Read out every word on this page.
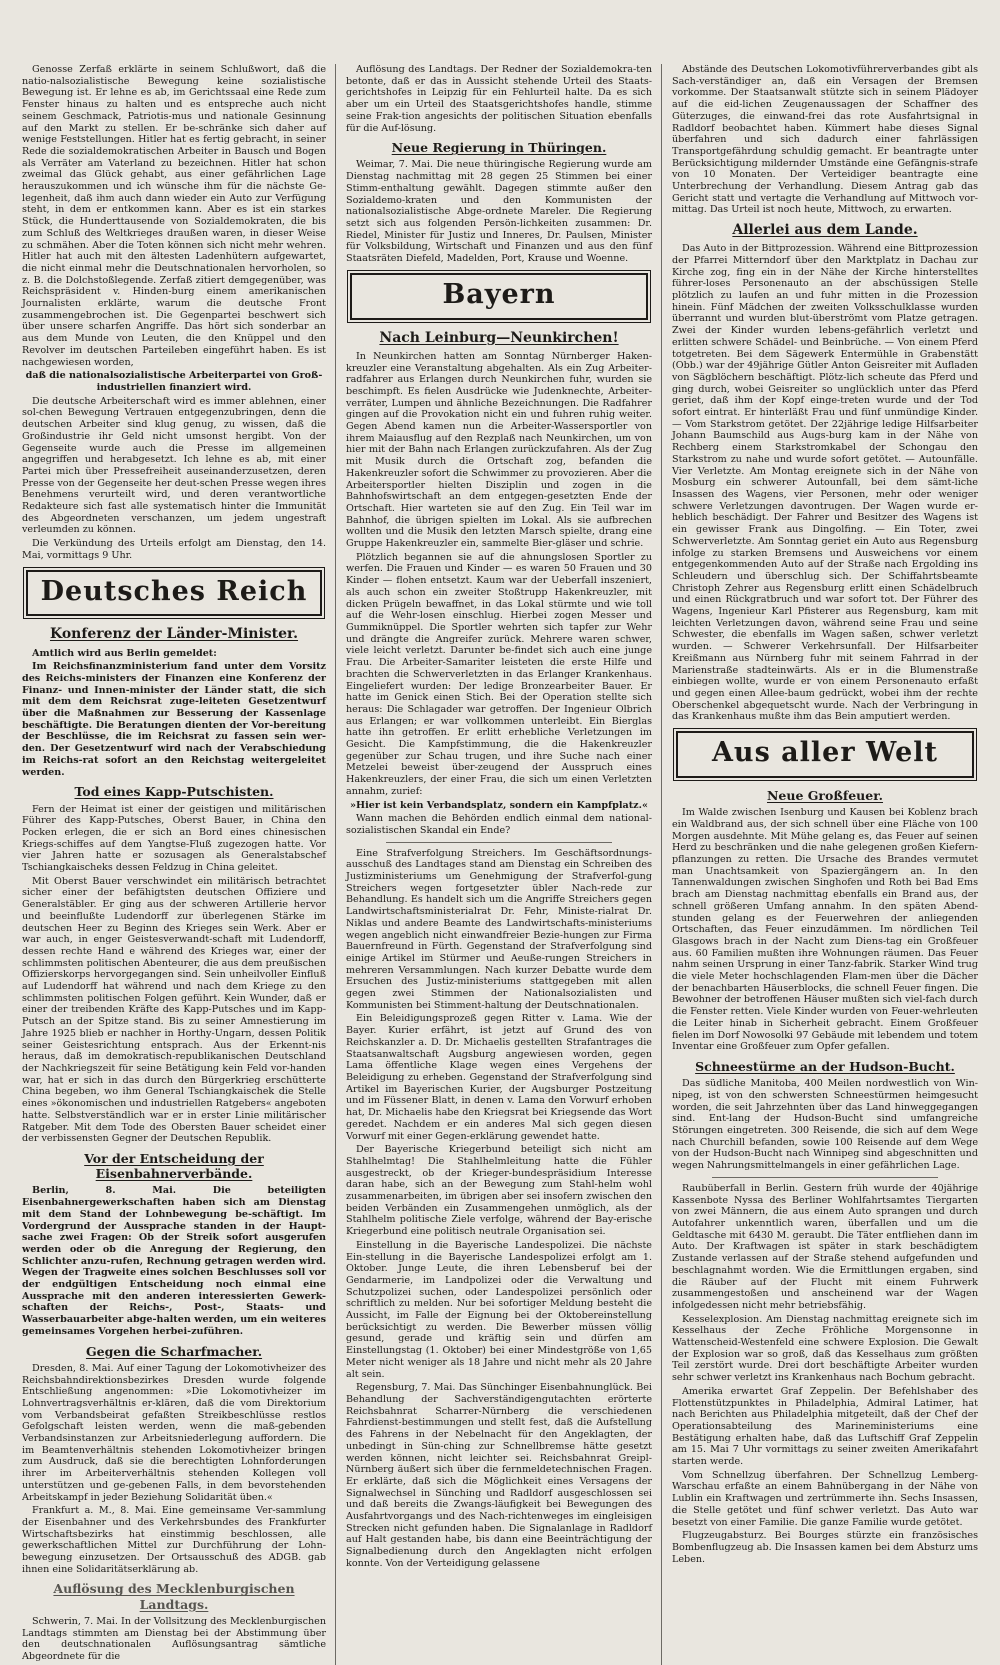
Genosse Zerfaß erklärte in seinem Schlußwort, daß die natio-nalsozialistische Bewegung keine sozialistische Bewegung ist. Er lehne es ab, im Gerichtssaal eine Rede zum Fenster hinaus zu halten und es entspreche auch nicht seinem Geschmack, Patriotis-mus und nationale Gesinnung auf den Markt zu stellen. Er be-schränke sich daher auf wenige Feststellungen. Hitler hat es fertig gebracht, in seiner Rede die sozialdemokratischen Arbeiter in Bausch und Bogen als Verräter am Vaterland zu bezeichnen. Hitler hat schon zweimal das Glück gehabt, aus einer gefährlichen Lage herauszukommen und ich wünsche ihm für die nächste Ge-legenheit, daß ihm auch dann wieder ein Auto zur Verfügung steht, in dem er entkommen kann. Aber es ist ein starkes Stück, die Hunderttausende von Sozialdemokraten, die bis zum Schluß des Weltkrieges draußen waren, in dieser Weise zu schmähen. Aber die Toten können sich nicht mehr wehren. Hitler hat auch mit den ältesten Ladenhütern aufgewartet, die nicht einmal mehr die Deutschnationalen hervorholen, so z. B. die Dolchstoßlegende. Zerfaß zitiert demgegenüber, was Reichspräsident v. Hinden-burg einem amerikanischen Journalisten erklärte, warum die deutsche Front zusammengebrochen ist. Die Gegenpartei beschwert sich über unsere scharfen Angriffe. Das hört sich sonderbar an aus dem Munde von Leuten, die den Knüppel und den Revolver im deutschen Parteileben eingeführt haben. Es ist nachgewiesen worden,

daß die nationalsozialistische Arbeiterpartei von Groß-industriellen finanziert wird.

Die deutsche Arbeiterschaft wird es immer ablehnen, einer sol-chen Bewegung Vertrauen entgegenzubringen, denn die deutschen Arbeiter sind klug genug, zu wissen, daß die Großindustrie ihr Geld nicht umsonst hergibt. Von der Gegenseite wurde auch die Presse im allgemeinen angegriffen und herabgesetzt. Ich lehne es ab, mit einer Partei mich über Pressefreiheit auseinanderzusetzen, deren Presse von der Gegenseite her deut-schen Presse wegen ihres Benehmens verurteilt wird, und deren verantwortliche Redakteure sich fast alle systematisch hinter die Immunität des Abgeordneten verschanzen, um jedem ungestraft verleumden zu können.

Die Verkündung des Urteils erfolgt am Dienstag, den 14. Mai, vormittags 9 Uhr.

Deutsches Reich
Konferenz der Länder-Minister.

Amtlich wird aus Berlin gemeldet:

Im Reichsfinanzministerium fand unter dem Vorsitz des Reichs-ministers der Finanzen eine Konferenz der Finanz- und Innen-minister der Länder statt, die sich mit dem dem Reichsrat zuge-leiteten Gesetzentwurf über die Maßnahmen zur Besserung der Kassenlage beschäftigte. Die Beratungen dienten der Vor-bereitung der Beschlüsse, die im Reichsrat zu fassen sein wer-den. Der Gesetzentwurf wird nach der Verabschiedung im Reichs-rat sofort an den Reichstag weitergeleitet werden.

Tod eines Kapp-Putschisten.

Fern der Heimat ist einer der geistigen und militärischen Führer des Kapp-Putsches, Oberst Bauer, in China den Pocken erlegen, die er sich an Bord eines chinesischen Kriegs-schiffes auf dem Yangtse-Fluß zugezogen hatte. Vor vier Jahren hatte er sozusagen als Generalstabschef Tschiangkaischeks dessen Feldzug in China geleitet.

Mit Oberst Bauer verschwindet ein militärisch betrachtet sicher einer der befähigtsten deutschen Offiziere und Generalstäbler. Er ging aus der schweren Artillerie hervor und beeinflußte Ludendorff zur überlegenen Stärke im deutschen Heer zu Beginn des Krieges sein Werk. Aber er war auch, in enger Geistesverwandt-schaft mit Ludendorff, dessen rechte Hand e während des Krieges war, einer der schlimmsten politischen Abenteurer, die aus dem preußischen Offizierskorps hervorgegangen sind. Sein unheilvoller Einfluß auf Ludendorff hat während und nach dem Kriege zu den schlimmsten politischen Folgen geführt. Kein Wunder, daß er einer der treibenden Kräfte des Kapp-Putsches und im Kapp-Putsch an der Spitze stand. Bis zu seiner Amnestierung im Jahre 1925 blieb er nachher in Horthy-Ungarn, dessen Politik seiner Geistesrichtung entsprach. Aus der Erkennt-nis heraus, daß im demokratisch-republikanischen Deutschland der Nachkriegszeit für seine Betätigung kein Feld vor-handen war, hat er sich in das durch den Bürgerkrieg erschütterte China begeben, wo ihm General Tschiangkaischek die Stelle eines »ökonomischen und industriellen Ratgebers« angeboten hatte. Selbstverständlich war er in erster Linie militärischer Ratgeber. Mit dem Tode des Obersten Bauer scheidet einer der verbissensten Gegner der Deutschen Republik.

Vor der Entscheidung der Eisenbahnerverbände.

Berlin, 8. Mai. Die beteiligten Eisenbahnergewerkschaften haben sich am Dienstag mit dem Stand der Lohnbewegung be-schäftigt. Im Vordergrund der Aussprache standen in der Haupt-sache zwei Fragen: Ob der Streik sofort ausgerufen werden oder ob die Anregung der Regierung, den Schlichter anzu-rufen, Rechnung getragen werden wird. Wegen der Tragweite eines solchen Beschlusses soll vor der endgültigen Entscheidung noch einmal eine Aussprache mit den anderen interessierten Gewerk-schaften der Reichs-, Post-, Staats- und Wasserbauarbeiter abge-halten werden, um ein weiteres gemeinsames Vorgehen herbei-zuführen.

Gegen die Scharfmacher.

Dresden, 8. Mai. Auf einer Tagung der Lokomotivheizer des Reichsbahndirektionsbezirkes Dresden wurde folgende Entschließung angenommen: »Die Lokomotivheizer im Lohnvertragsverhältnis er-klären, daß die vom Direktorium vom Verbandsbeirat gefaßten Streikbeschlüsse restlos Gefolgschaft leisten werden, wenn die maß-gebenden Verbandsinstanzen zur Arbeitsniederlegung auffordern. Die im Beamtenverhältnis stehenden Lokomotivheizer bringen zum Ausdruck, daß sie die berechtigten Lohnforderungen ihrer im Arbeiterverhältnis stehenden Kollegen voll unterstützen und ge-gebenen Falls, in dem bevorstehenden Arbeitskampf in jeder Beziehung Solidarität üben.«

Frankfurt a. M., 8. Mai. Eine gemeinsame Ver-sammlung der Eisenbahner und des Verkehrsbundes des Frankfurter Wirtschaftsbezirks hat einstimmig beschlossen, alle gewerkschaftlichen Mittel zur Durchführung der Lohn-bewegung einzusetzen. Der Ortsausschuß des ADGB. gab ihnen eine Solidaritätserklärung ab.

Auflösung des Mecklenburgischen Landtags.

Schwerin, 7. Mai. In der Vollsitzung des Mecklenburgischen Landtags stimmten am Dienstag bei der Abstimmung über den deutschnationalen Auflösungsantrag sämtliche Abgeordnete für die

Auflösung des Landtags. Der Redner der Sozialdemokra-ten betonte, daß er das in Aussicht stehende Urteil des Staats-gerichtshofes in Leipzig für ein Fehlurteil halte. Da es sich aber um ein Urteil des Staatsgerichtshofes handle, stimme seine Frak-tion angesichts der politischen Situation ebenfalls für die Auf-lösung.

Neue Regierung in Thüringen.

Weimar, 7. Mai. Die neue thüringische Regierung wurde am Dienstag nachmittag mit 28 gegen 25 Stimmen bei einer Stimm-enthaltung gewählt. Dagegen stimmte außer den Sozialdemo-kraten und den Kommunisten der nationalsozialistische Abge-ordnete Mareler. Die Regierung setzt sich aus folgenden Persön-lichkeiten zusammen: Dr. Riedel, Minister für Justiz und Inneres, Dr. Paulsen, Minister für Volksbildung, Wirtschaft und Finanzen und aus den fünf Staatsräten Diefeld, Madelden, Port, Krause und Woenne.

Bayern
Nach Leinburg—Neunkirchen!

In Neunkirchen hatten am Sonntag Nürnberger Haken-kreuzler eine Veranstaltung abgehalten. Als ein Zug Arbeiter-radfahrer aus Erlangen durch Neunkirchen fuhr, wurden sie beschimpft. Es fielen Ausdrücke wie Judenknechte, Arbeiter-verräter, Lumpen und ähnliche Bezeichnungen. Die Radfahrer gingen auf die Provokation nicht ein und fuhren ruhig weiter. Gegen Abend kamen nun die Arbeiter-Wassersportler von ihrem Maiausflug auf den Rezplaß nach Neunkirchen, um von hier mit der Bahn nach Erlangen zurückzufahren. Als der Zug mit Musik durch die Ortschaft zog, befanden die Hakenkreuzler sofort die Schwimmer zu provozieren. Aber die Arbeitersportler hielten Disziplin und zogen in die Bahnhofswirtschaft an dem entgegen-gesetzten Ende der Ortschaft. Hier warteten sie auf den Zug. Ein Teil war im Bahnhof, die übrigen spielten im Lokal. Als sie aufbrechen wollten und die Musik den letzten Marsch spielte, drang eine Gruppe Hakenkreuzler ein, sammelte Bier-gläser und schrie.

Plötzlich begannen sie auf die ahnungslosen Sportler zu werfen. Die Frauen und Kinder — es waren 50 Frauen und 30 Kinder — flohen entsetzt. Kaum war der Ueberfall inszeniert, als auch schon ein zweiter Stoßtrupp Hakenkreuzler, mit dicken Prügeln bewaffnet, in das Lokal stürmte und wie toll auf die Wehr-losen einschlug. Hierbei zogen Messer und Gummiknüppel. Die Sportler wehrten sich tapfer zur Wehr und drängte die Angreifer zurück. Mehrere waren schwer, viele leicht verletzt. Darunter be-findet sich auch eine junge Frau. Die Arbeiter-Samariter leisteten die erste Hilfe und brachten die Schwerverletzten in das Erlanger Krankenhaus. Eingeliefert wurden: Der ledige Bronzearbeiter Bauer. Er hatte im Genick einen Stich. Bei der Operation stellte sich heraus: Die Schlagader war getroffen. Der Ingenieur Olbrich aus Erlangen; er war vollkommen unterleibt. Ein Bierglas hatte ihn getroffen. Er erlitt erhebliche Verletzungen im Gesicht. Die Kampfstimmung, die die Hakenkreuzler gegenüber zur Schau trugen, und ihre Suche nach einer Metzelei beweist über-zeugend der Ausspruch eines Hakenkreuzlers, der einer Frau, die sich um einen Verletzten annahm, zurief:

»Hier ist kein Verbandsplatz, sondern ein Kampfplatz.«

Wann machen die Behörden endlich einmal dem national-sozialistischen Skandal ein Ende?

Eine Strafverfolgung Streichers. Im Geschäftsordnungs-ausschuß des Landtages stand am Dienstag ein Schreiben des Justizministeriums um Genehmigung der Strafverfol-gung Streichers wegen fortgesetzter übler Nach-rede zur Behandlung. Es handelt sich um die Angriffe Streichers gegen Landwirtschaftsministerialrat Dr. Fehr, Ministe-rialrat Dr. Niklas und andere Beamte des Landwirtschafts-ministeriums wegen angeblich nicht einwandfreier Bezie-hungen zur Firma Bauernfreund in Fürth. Gegenstand der Strafverfolgung sind einige Artikel im Stürmer und Aeuße-rungen Streichers in mehreren Versammlungen. Nach kurzer Debatte wurde dem Ersuchen des Justiz-ministeriums stattgegeben mit allen gegen zwei Stimmen der Nationalsozialisten und Kommunisten bei Stimment-haltung der Deutschnationalen.

Ein Beleidigungsprozeß gegen Ritter v. Lama. Wie der Bayer. Kurier erfährt, ist jetzt auf Grund des von Reichskanzler a. D. Dr. Michaelis gestellten Strafantrages die Staatsanwaltschaft Augsburg angewiesen worden, gegen Lama öffentliche Klage wegen eines Vergehens der Beleidigung zu erheben. Gegenstand der Strafverfolgung sind Artikel im Bayerischen Kurier, der Augsburger Postzeitung und im Füssener Blatt, in denen v. Lama den Vorwurf erhoben hat, Dr. Michaelis habe den Kriegsrat bei Kriegsende das Wort geredet. Nachdem er ein anderes Mal sich gegen diesen Vorwurf mit einer Gegen-erklärung gewendet hatte.

Der Bayerische Kriegerbund beteiligt sich nicht am Stahlhelmtag! Die Stahlhelmleitung hatte die Fühler ausgestreckt, ob der Krieger-bundespräsidium Interesse daran habe, sich an der Bewegung zum Stahl-helm wohl zusammenarbeiten, im übrigen aber sei insofern zwischen den beiden Verbänden ein Zusammengehen unmöglich, als der Stahlhelm politische Ziele verfolge, während der Bay-erische Kriegerbund eine politisch neutrale Organisation sei.

Einstellung in die Bayerische Landespolizei. Die nächste Ein-stellung in die Bayerische Landespolizei erfolgt am 1. Oktober. Junge Leute, die ihren Lebensberuf bei der Gendarmerie, im Landpolizei oder die Verwaltung und Schutzpolizei suchen, oder Landespolizei persönlich oder schriftlich zu melden. Nur bei sofortiger Meldung besteht die Aussicht, im Falle der Eignung bei der Oktobereinstellung berücksichtigt zu werden. Die Bewerber müssen völlig gesund, gerade und kräftig sein und dürfen am Einstellungstag (1. Oktober) bei einer Mindestgröße von 1,65 Meter nicht weniger als 18 Jahre und nicht mehr als 20 Jahre alt sein.

Regensburg, 7. Mai. Das Sünchinger Eisenbahnunglück. Bei Behandlung der Sachverständigengutachten erörterte Reichsbahnrat Scharrer-Nürnberg die verschiedenen Fahrdienst-bestimmungen und stellt fest, daß die Aufstellung des Fahrens in der Nebelnacht für den Angeklagten, der unbedingt in Sün-ching zur Schnellbremse hätte gesetzt werden können, nicht leichter sei. Reichsbahnrat Greipl-Nürnberg äußert sich über die fernmeldetechnischen Fragen. Er erklärte, daß sich die Möglichkeit eines Versagens der Signalwechsel in Sünching und Radldorf ausgeschlossen sei und daß bereits die Zwangs-läufigkeit bei Bewegungen des Ausfahrtvorgangs und des Nach-richtenweges im eingleisigen Strecken nicht gefunden haben. Die Signalanlage in Radldorf auf Halt gestanden habe, bis dann eine Beeinträchtigung der Signalbedienung durch den Angeklagten nicht erfolgen konnte. Von der Verteidigung gelassene

Abstände des Deutschen Lokomotivführerverbandes gibt als Sach-verständiger an, daß ein Versagen der Bremsen vorkomme. Der Staatsanwalt stützte sich in seinem Plädoyer auf die eid-lichen Zeugenaussagen der Schaffner des Güterzuges, die einwand-frei das rote Ausfahrtsignal in Radldorf beobachtet haben. Kümmert habe dieses Signal überfahren und sich dadurch einer fahrlässigen Transportgefährdung schuldig gemacht. Er beantragte unter Berücksichtigung mildernder Umstände eine Gefängnis-strafe von 10 Monaten. Der Verteidiger beantragte eine Unterbrechung der Verhandlung. Diesem Antrag gab das Gericht statt und vertagte die Verhandlung auf Mittwoch vor-mittag. Das Urteil ist noch heute, Mittwoch, zu erwarten.

Allerlei aus dem Lande.

Das Auto in der Bittprozession. Während eine Bittprozession der Pfarrei Mitterndorf über den Marktplatz in Dachau zur Kirche zog, fing ein in der Nähe der Kirche hinterstelltes führer-loses Personenauto an der abschüssigen Stelle plötzlich zu laufen an und fuhr mitten in die Prozession hinein. Fünf Mädchen der zweiten Volksschulklasse wurden überrannt und wurden blut-überströmt vom Platze getragen. Zwei der Kinder wurden lebens-gefährlich verletzt und erlitten schwere Schädel- und Beinbrüche. — Von einem Pferd totgetreten. Bei dem Sägewerk Entermühle in Grabenstätt (Obb.) war der 49jährige Gütler Anton Geisreiter mit Aufladen von Sägblöchern beschäftigt. Plötz-lich scheute das Pferd und ging durch, wobei Geisreiter so unglücklich unter das Pferd geriet, daß ihm der Kopf einge-treten wurde und der Tod sofort eintrat. Er hinterläßt Frau und fünf unmündige Kinder. — Vom Starkstrom getötet. Der 22jährige ledige Hilfsarbeiter Johann Baumschild aus Augs-burg kam in der Nähe von Rechberg einem Starkstromkabel der Schongau den Starkstrom zu nahe und wurde sofort getötet. — Autounfälle. Vier Verletzte. Am Montag ereignete sich in der Nähe von Mosburg ein schwerer Autounfall, bei dem sämt-liche Insassen des Wagens, vier Personen, mehr oder weniger schwere Verletzungen davontrugen. Der Wagen wurde er-heblich beschädigt. Der Fahrer und Besitzer des Wagens ist ein gewisser Frank aus Dingolfing. — Ein Toter, zwei Schwerverletzte. Am Sonntag geriet ein Auto aus Regensburg infolge zu starken Bremsens und Ausweichens vor einem entgegenkommenden Auto auf der Straße nach Ergolding ins Schleudern und überschlug sich. Der Schiffahrtsbeamte Christoph Zehrer aus Regensburg erlitt einen Schädelbruch und einen Rückgratbruch und war sofort tot. Der Führer des Wagens, Ingenieur Karl Pfisterer aus Regensburg, kam mit leichten Verletzungen davon, während seine Frau und seine Schwester, die ebenfalls im Wagen saßen, schwer verletzt wurden. — Schwerer Verkehrsunfall. Der Hilfsarbeiter Kreißmann aus Nürnberg fuhr mit seinem Fahrrad in der Marienstraße stadteinwärts. Als er in die Blumenstraße einbiegen wollte, wurde er von einem Personenauto erfaßt und gegen einen Allee-baum gedrückt, wobei ihm der rechte Oberschenkel abgequetscht wurde. Nach der Verbringung in das Krankenhaus mußte ihm das Bein amputiert werden.

Aus aller Welt
Neue Großfeuer.

Im Walde zwischen Isenburg und Kausen bei Koblenz brach ein Waldbrand aus, der sich schnell über eine Fläche von 100 Morgen ausdehnte. Mit Mühe gelang es, das Feuer auf seinen Herd zu beschränken und die nahe gelegenen großen Kiefern-pflanzungen zu retten. Die Ursache des Brandes vermutet man Unachtsamkeit von Spaziergängern an. In den Tannenwaldungen zwischen Singhofen und Roth bei Bad Ems brach am Dienstag nachmittag ebenfalls ein Brand aus, der schnell größeren Umfang annahm. In den späten Abend-stunden gelang es der Feuerwehren der anliegenden Ortschaften, das Feuer einzudämmen. Im nördlichen Teil Glasgows brach in der Nacht zum Diens-tag ein Großfeuer aus. 60 Familien mußten ihre Wohnungen räumen. Das Feuer nahm seinen Ursprung in einer Tanz-fabrik. Starker Wind trug die viele Meter hochschlagenden Flam-men über die Dächer der benachbarten Häuserblocks, die schnell Feuer fingen. Die Bewohner der betroffenen Häuser mußten sich viel-fach durch die Fenster retten. Viele Kinder wurden von Feuer-wehrleuten die Leiter hinab in Sicherheit gebracht. Einem Großfeuer fielen im Dorf Nowosolki 97 Gebäude mit lebendem und totem Inventar eine Großfeuer zum Opfer gefallen.

Schneestürme an der Hudson-Bucht.

Das südliche Manitoba, 400 Meilen nordwestlich von Win-nipeg, ist von den schwersten Schneestürmen heimgesucht worden, die seit Jahrzehnten über das Land hinweggegangen sind. Ent-lang der Hudson-Bucht sind umfangreiche Störungen eingetreten. 300 Reisende, die sich auf dem Wege nach Churchill befanden, sowie 100 Reisende auf dem Wege von der Hudson-Bucht nach Winnipeg sind abgeschnitten und wegen Nahrungsmittelmangels in einer gefährlichen Lage.

Raubüberfall in Berlin. Gestern früh wurde der 40jährige Kassenbote Nyssa des Berliner Wohlfahrtsamtes Tiergarten von zwei Männern, die aus einem Auto sprangen und durch Autofahrer unkenntlich waren, überfallen und um die Geldtasche mit 6430 M. geraubt. Die Täter entfliehen dann im Auto. Der Kraftwagen ist später in stark beschädigtem Zustande verlassen auf der Straße stehend aufgefunden und beschlagnahmt worden. Wie die Ermittlungen ergaben, sind die Räuber auf der Flucht mit einem Fuhrwerk zusammengestoßen und anscheinend war der Wagen infolgedessen nicht mehr betriebsfähig.

Kesselexplosion. Am Dienstag nachmittag ereignete sich im Kesselhaus der Zeche Fröhliche Morgensonne in Wattenscheid-Westenfeld eine schwere Explosion. Die Gewalt der Explosion war so groß, daß das Kesselhaus zum größten Teil zerstört wurde. Drei dort beschäftigte Arbeiter wurden sehr schwer verletzt ins Krankenhaus nach Bochum gebracht.

Amerika erwartet Graf Zeppelin. Der Befehlshaber des Flottenstützpunktes in Philadelphia, Admiral Latimer, hat nach Berichten aus Philadelphia mitgeteilt, daß der Chef der Operationsabteilung des Marineministeriums eine Bestätigung erhalten habe, daß das Luftschiff Graf Zeppelin am 15. Mai 7 Uhr vormittags zu seiner zweiten Amerikafahrt starten werde.

Vom Schnellzug überfahren. Der Schnellzug Lemberg-Warschau erfaßte an einem Bahnübergang in der Nähe von Lublin ein Kraftwagen und zertrümmerte ihn. Sechs Insassen, die Stelle getötet und fünf schwer verletzt. Das Auto war besetzt von einer Familie. Die ganze Familie wurde getötet.

Flugzeugabsturz. Bei Bourges stürzte ein französisches Bombenflugzeug ab. Die Insassen kamen bei dem Absturz ums Leben.
